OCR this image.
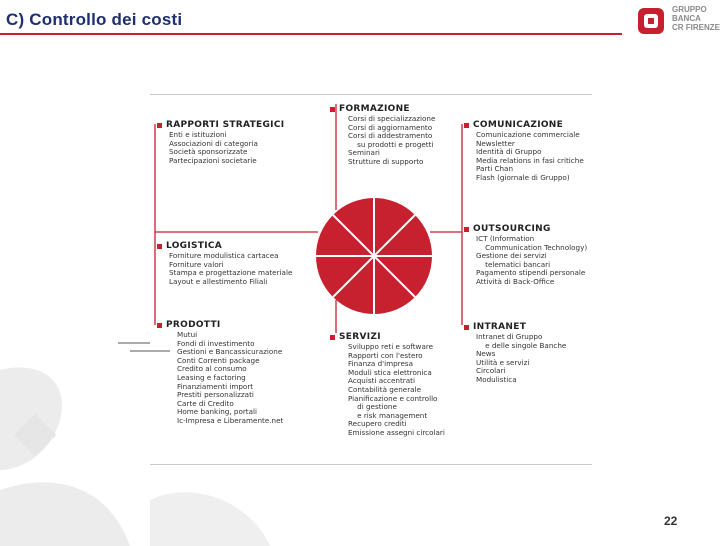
C) Controllo dei costi
GRUPPO
BANCA
CR FIRENZE
RAPPORTI STRATEGICI
Enti e istituzioni
Associazioni di categoria
Società sponsorizzate
Partecipazioni societarie
FORMAZIONE
Corsi di specializzazione
Corsi di aggiornamento
Corsi di addestramento
su prodotti e progetti
Seminari
Strutture di supporto
COMUNICAZIONE
Comunicazione commerciale
Newsletter
Identità di Gruppo
Media relations in fasi critiche
Parti Chan
Flash (giornale di Gruppo)
LOGISTICA
Forniture modulistica cartacea
Forniture valori
Stampa e progettazione materiale
Layout e allestimento Filiali
OUTSOURCING
ICT (Information
Communication Technology)
Gestione dei servizi
telematici bancari
Pagamento stipendi personale
Attività di Back-Office
PRODOTTI
Mutui
Fondi di investimento
Gestioni e Bancassicurazione
Conti Correnti package
Credito al consumo
Leasing e factoring
Finanziamenti import
Prestiti personalizzati
Carte di Credito
Home banking, portali
Ic-Impresa e Liberamente.net
SERVIZI
Sviluppo reti e software
Rapporti con l'estero
Finanza d'impresa
Moduli stica elettronica
Acquisti accentrati
Contabilità generale
Pianificazione e controllo
di gestione
e risk management
Recupero crediti
Emissione assegni circolari
INTRANET
Intranet di Gruppo
e delle singole Banche
News
Utilità e servizi
Circolari
Modulistica
22
